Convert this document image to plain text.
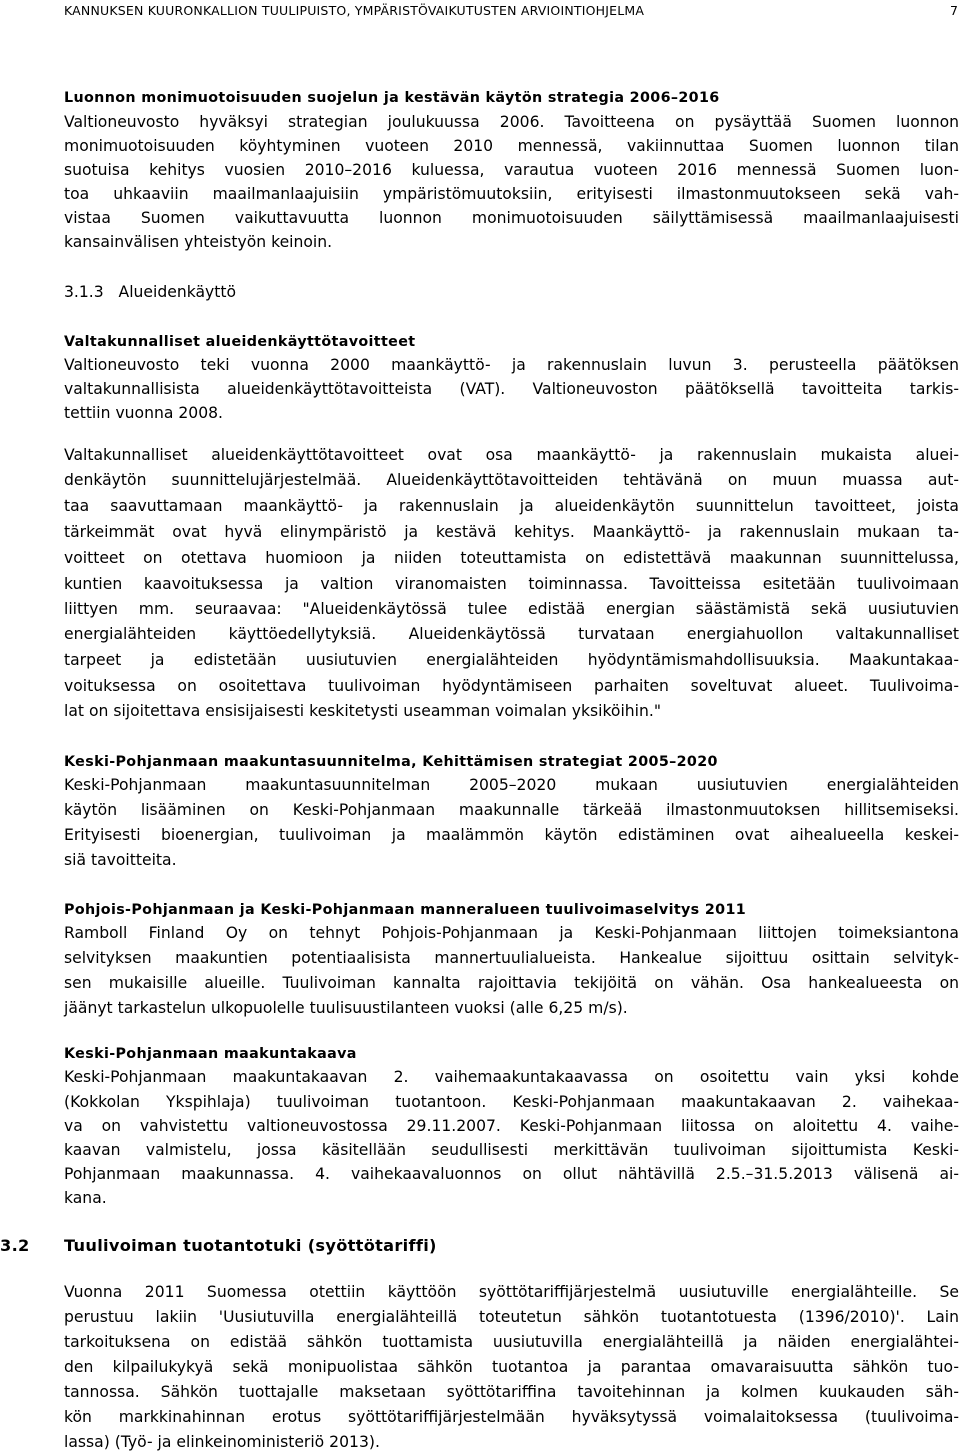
KANNUKSEN KUURONKALLION TUULIPUISTO, YMPÄRISTÖVAIKUTUSTEN ARVIOINTIOHJELMA	7
Luonnon monimuotoisuuden suojelun ja kestävän käytön strategia 2006–2016
Valtioneuvosto hyväksyi strategian joulukuussa 2006. Tavoitteena on pysäyttää Suomen luonnon
monimuotoisuuden köyhtyminen vuoteen 2010 mennessä, vakiinnuttaa Suomen luonnon tilan
suotuisa kehitys vuosien 2010–2016 kuluessa, varautua vuoteen 2016 mennessä Suomen luon-
toa uhkaaviin maailmanlaajuisiin ympäristömuutoksiin, erityisesti ilmastonmuutokseen sekä vah-
vistaa Suomen vaikuttavuutta luonnon monimuotoisuuden säilyttämisessä maailmanlaajuisesti
kansainvälisen yhteistyön keinoin.
3.1.3   Alueidenkäyttö
Valtakunnalliset alueidenkäyttötavoitteet
Valtioneuvosto teki vuonna 2000 maankäyttö- ja rakennuslain luvun 3. perusteella päätöksen
valtakunnallisista alueidenkäyttötavoitteista (VAT). Valtioneuvoston päätöksellä tavoitteita tarkis-
tettiin vuonna 2008.
Valtakunnalliset alueidenkäyttötavoitteet ovat osa maankäyttö- ja rakennuslain mukaista aluei-
denkäytön suunnittelujärjestelmää. Alueidenkäyttötavoitteiden tehtävänä on muun muassa aut-
taa saavuttamaan maankäyttö- ja rakennuslain ja alueidenkäytön suunnittelun tavoitteet, joista
tärkeimmät ovat hyvä elinympäristö ja kestävä kehitys. Maankäyttö- ja rakennuslain mukaan ta-
voitteet on otettava huomioon ja niiden toteuttamista on edistettävä maakunnan suunnittelussa,
kuntien kaavoituksessa ja valtion viranomaisten toiminnassa. Tavoitteissa esitetään tuulivoimaan
liittyen mm. seuraavaa: "Alueidenkäytössä tulee edistää energian säästämistä sekä uusiutuvien
energialähteiden käyttöedellytyksiä. Alueidenkäytössä turvataan energiahuollon valtakunnalliset
tarpeet ja edistetään uusiutuvien energialähteiden hyödyntämismahdollisuuksia. Maakuntakaa-
voituksessa on osoitettava tuulivoiman hyödyntämiseen parhaiten soveltuvat alueet. Tuulivoima-
lat on sijoitettava ensisijaisesti keskitetysti useamman voimalan yksiköihin."
Keski-Pohjanmaan maakuntasuunnitelma, Kehittämisen strategiat 2005–2020
Keski-Pohjanmaan maakuntasuunnitelman 2005–2020 mukaan uusiutuvien energialähteiden
käytön lisääminen on Keski-Pohjanmaan maakunnalle tärkeää ilmastonmuutoksen hillitsemiseksi.
Erityisesti bioenergian, tuulivoiman ja maalämmön käytön edistäminen ovat aihealueella keskei-
siä tavoitteita.
Pohjois-Pohjanmaan ja Keski-Pohjanmaan manneralueen tuulivoimaselvitys 2011
Ramboll Finland Oy on tehnyt Pohjois-Pohjanmaan ja Keski-Pohjanmaan liittojen toimeksiantona
selvityksen maakuntien potentiaalisista mannertuulialueista. Hankealue sijoittuu osittain selvityk-
sen mukaisille alueille. Tuulivoiman kannalta rajoittavia tekijöitä on vähän. Osa hankealueesta on
jäänyt tarkastelun ulkopuolelle tuulisuustilanteen vuoksi (alle 6,25 m/s).
Keski-Pohjanmaan maakuntakaava
Keski-Pohjanmaan maakuntakaavan 2. vaihemaakuntakaavassa on osoitettu vain yksi kohde
(Kokkolan Ykspihlaja) tuulivoiman tuotantoon. Keski-Pohjanmaan maakuntakaavan 2. vaihekaa-
va on vahvistettu valtioneuvostossa 29.11.2007. Keski-Pohjanmaan liitossa on aloitettu 4. vaihe-
kaavan valmistelu, jossa käsitellään seudullisesti merkittävän tuulivoiman sijoittumista Keski-
Pohjanmaan maakunnassa. 4. vaihekaavaluonnos on ollut nähtävillä 2.5.–31.5.2013 välisenä ai-
kana.
Vuonna 2011 Suomessa otettiin käyttöön syöttötariffijärjestelmä uusiutuville energialähteille. Se
perustuu lakiin 'Uusiutuvilla energialähteillä toteutetun sähkön tuotantotuesta (1396/2010)'. Lain
tarkoituksena on edistää sähkön tuottamista uusiutuvilla energialähteillä ja näiden energialähtei-
den kilpailukykyä sekä monipuolistaa sähkön tuotantoa ja parantaa omavaraisuutta sähkön tuo-
tannossa. Sähkön tuottajalle maksetaan syöttötariffina tavoitehinnan ja kolmen kuukauden säh-
kön markkinahinnan erotus syöttötariffijärjestelmään hyväksytyssä voimalaitoksessa (tuulivoima-
lassa) (Työ- ja elinkeinoministeriö 2013).
3.2 Tuulivoiman tuotantotuki (syöttötariffi)
